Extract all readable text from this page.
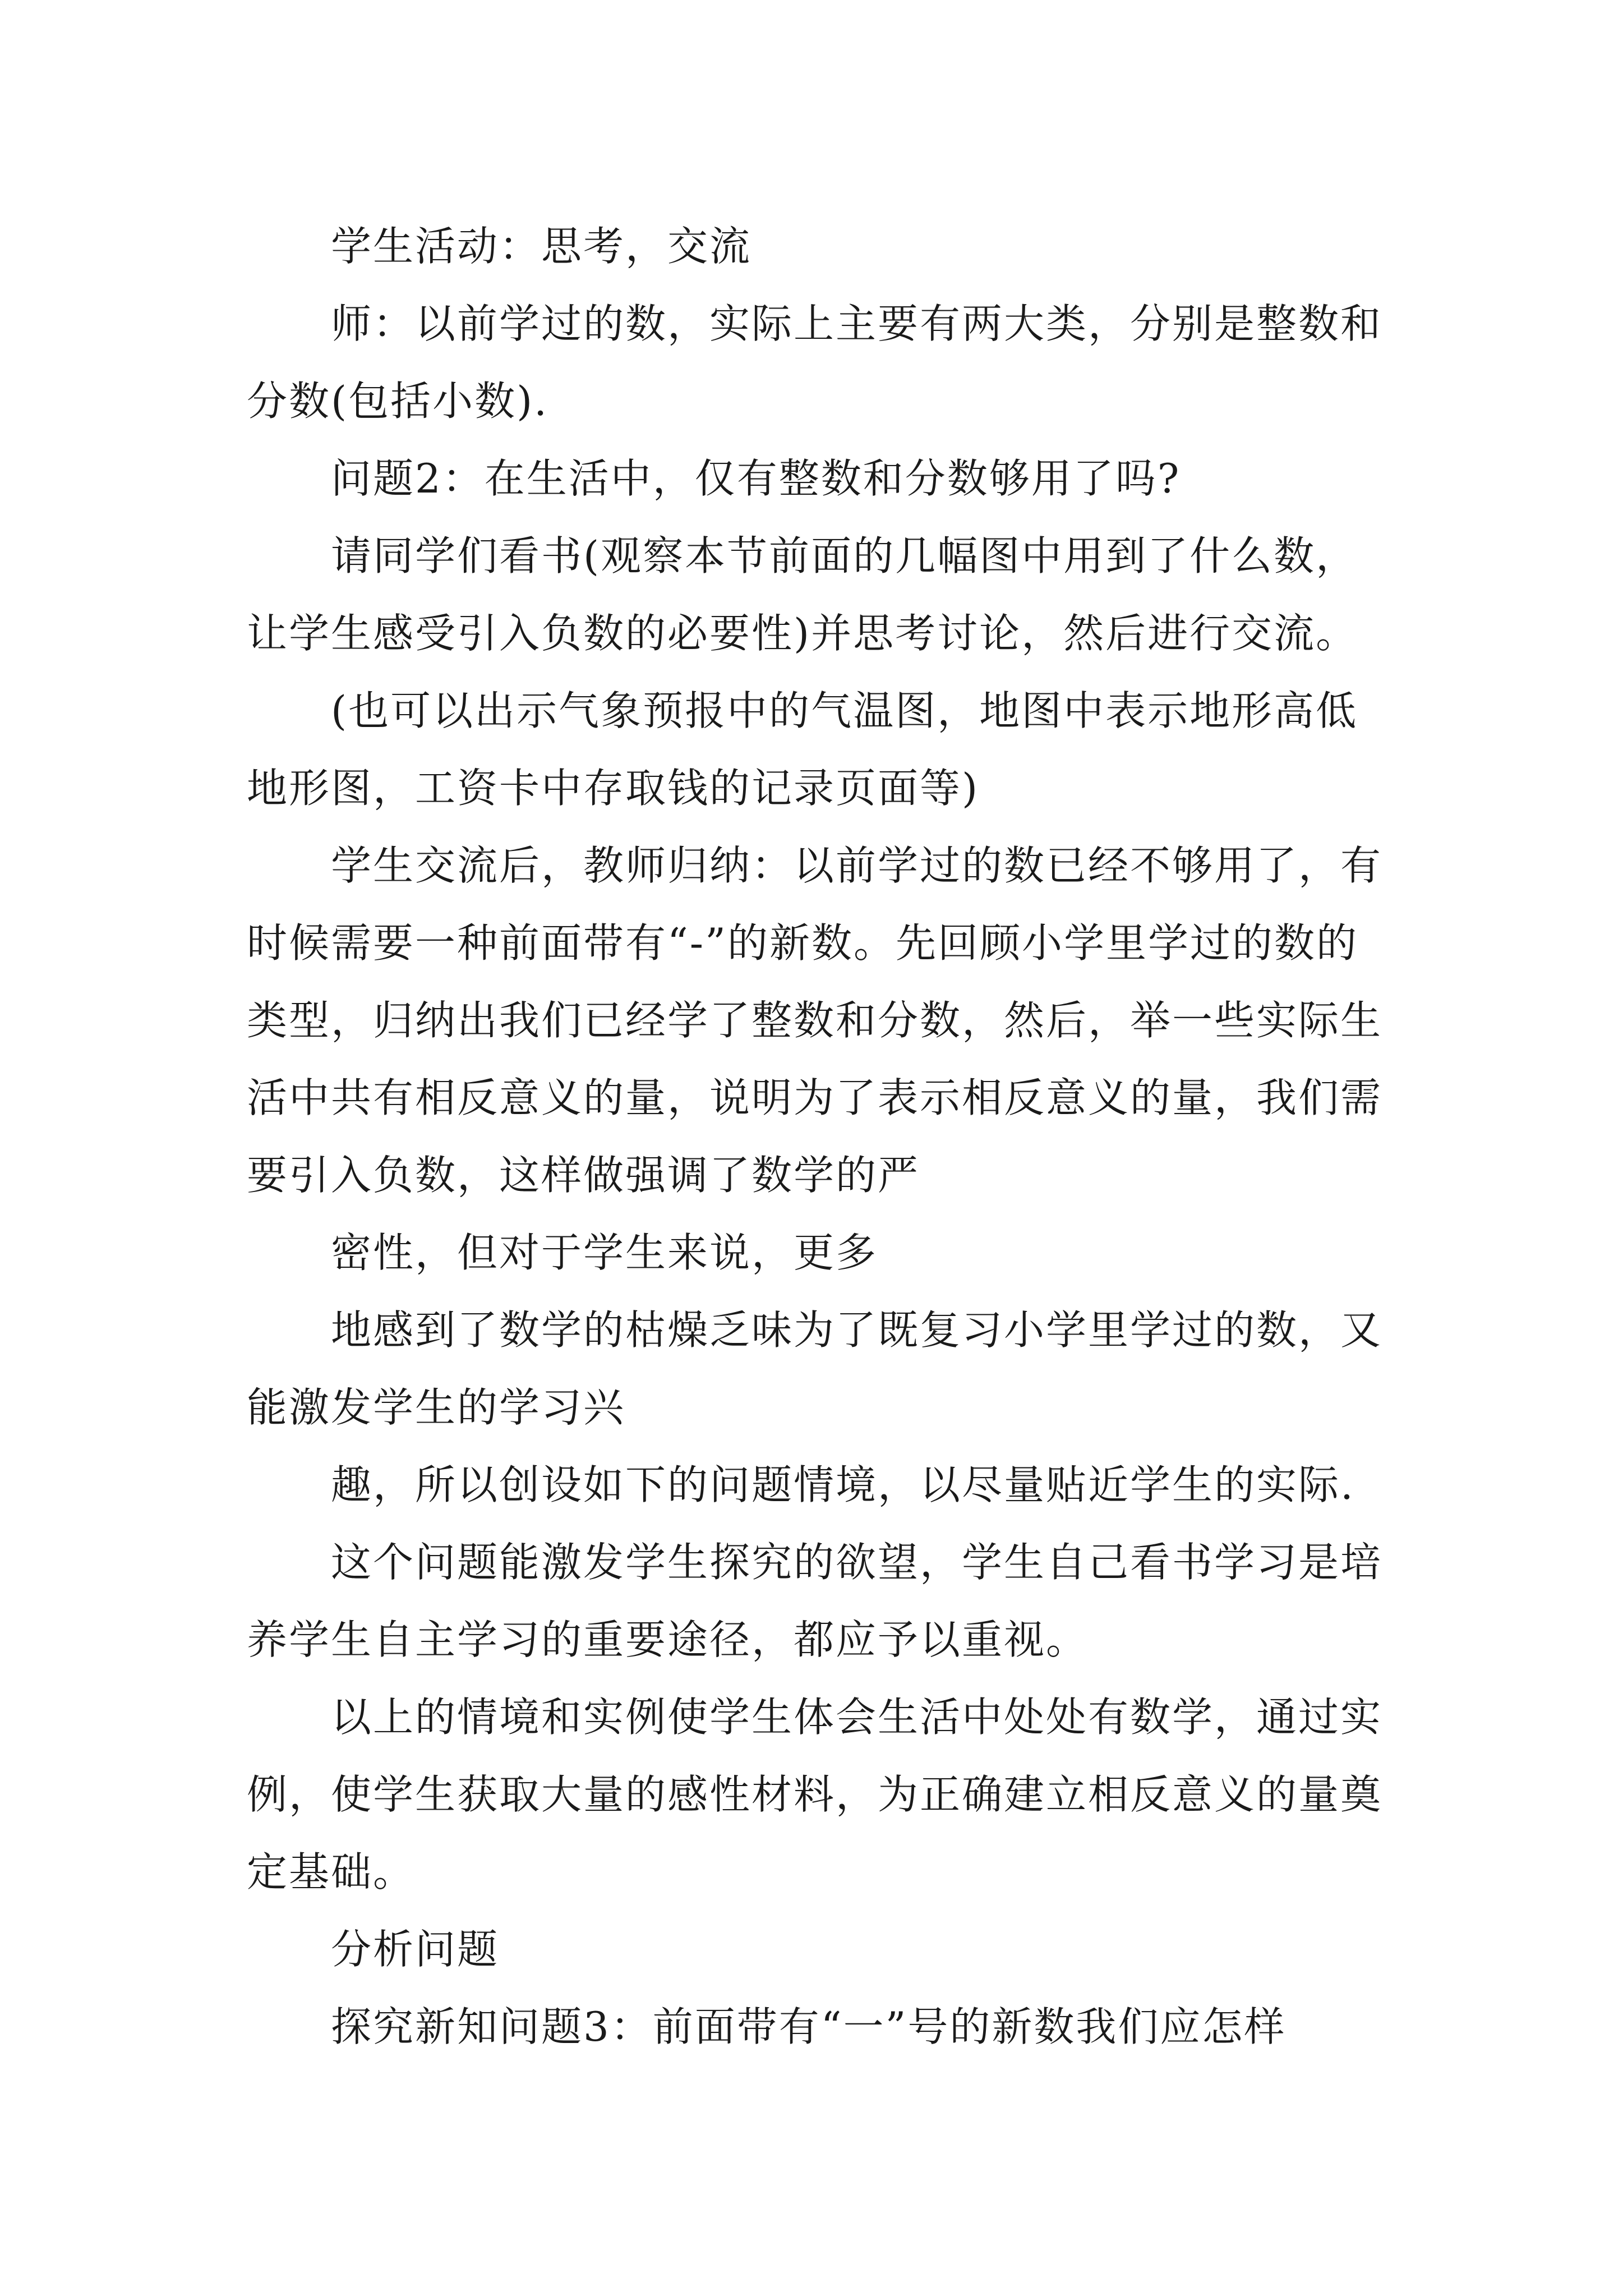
学生活动：思考，交流

师：以前学过的数，实际上主要有两大类，分别是整数和分数(包括小数).

问题2：在生活中，仅有整数和分数够用了吗?

请同学们看书(观察本节前面的几幅图中用到了什么数，让学生感受引入负数的必要性)并思考讨论，然后进行交流。

(也可以出示气象预报中的气温图，地图中表示地形高低地形图，工资卡中存取钱的记录页面等)

学生交流后，教师归纳：以前学过的数已经不够用了，有时候需要一种前面带有“-”的新数。先回顾小学里学过的数的类型，归纳出我们已经学了整数和分数，然后，举一些实际生活中共有相反意义的量，说明为了表示相反意义的量，我们需要引入负数，这样做强调了数学的严

密性，但对于学生来说，更多

地感到了数学的枯燥乏味为了既复习小学里学过的数，又能激发学生的学习兴

趣，所以创设如下的问题情境，以尽量贴近学生的实际.

这个问题能激发学生探究的欲望，学生自己看书学习是培养学生自主学习的重要途径，都应予以重视。

以上的情境和实例使学生体会生活中处处有数学，通过实例，使学生获取大量的感性材料，为正确建立相反意义的量奠定基础。

分析问题

探究新知问题3：前面带有“一”号的新数我们应怎样
